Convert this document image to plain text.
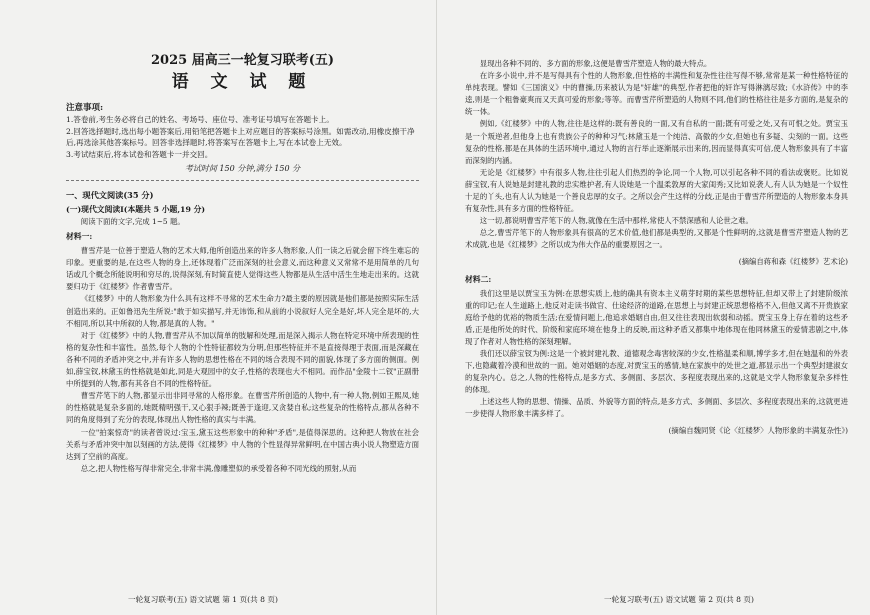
2025 届高三一轮复习联考(五)

语 文 试 题

注意事项:

1.答卷前,考生务必将自己的姓名、考场号、座位号、准考证号填写在答题卡上。

2.回答选择题时,选出每小题答案后,用铅笔把答题卡上对应题目的答案标号涂黑。如需改动,用橡皮擦干净后,再选涂其他答案标号。回答非选择题时,将答案写在答题卡上,写在本试卷上无效。

3.考试结束后,将本试卷和答题卡一并交回。

考试时间 150 分钟,满分 150 分

一、现代文阅读(35 分)

(一)现代文阅读Ⅰ(本题共 5 小题,19 分)

阅读下面的文字,完成 1~5 题。

材料一:

曹雪芹是一位善于塑造人物的艺术大师,他所创造出来的许多人物形象,人们一读之后就会留下终生难忘的印象。更重要的是,在这些人物的身上,还体现着广泛而深刻的社会意义,而这种意义又常常不是用简单的几句话或几个概念所能说明和穷尽的,说得深刻,有时简直使人觉得这些人物都是从生活中活生生地走出来的。这就要归功于《红楼梦》作者曹雪芹。

《红楼梦》中的人物形象为什么具有这样不寻常的艺术生命力?最主要的原因就是他们都是按照实际生活创造出来的。正如鲁迅先生所说:"敢于如实描写,并无讳饰,和从前的小说叙好人完全是好,坏人完全是坏的,大不相同,所以其中所叙的人物,都是真的人物。"

对于《红楼梦》中的人物,曹雪芹从不加以简单的肢解和处理,而是深入揭示人物在特定环境中所表现的性格的复杂性和丰富性。虽然,每个人物的个性特征都较为分明,但那些特征并不是直接得理于表面,而是深藏在各种不同的矛盾冲突之中,并有许多人物的思想性格在不同的场合表现不同的面貌,体现了多方面的侧面。例如,薛宝钗,林黛玉的性格就是如此,同是大观园中的女子,性格的表现也大不相同。而作品"金陵十二钗"正副册中所提到的人物,都有其各自不同的性格特征。

曹雪芹笔下的人物,都显示出非同寻常的人格形象。在曹雪芹所创造的人物中,有一种人物,例如王熙凤,她的性格就是复杂多面的,她既精明强干,又心狠手辣;既善于逢迎,又贪婪自私;这些复杂的性格特点,都从各种不同的角度得到了充分的表现,体现出人物性格的真实与丰满。

一位"拍案惊奇"的读者曾说过:宝玉,黛玉这些形象中的种种"矛盾",是值得深思的。这种把人物放在社会关系与矛盾冲突中加以刻画的方法,使得《红楼梦》中人物的个性显得异常鲜明,在中国古典小说人物塑造方面达到了空前的高度。

总之,把人物性格写得非常完全,非常丰满,像雕塑似的承受着各种不同光线的照射,从而

一轮复习联考(五) 语文试题 第 1 页(共 8 页)

显现出各种不同的、多方面的形象,这便是曹雪芹塑造人物的最大特点。

在许多小说中,并不是写得具有个性的人物形象,但性格的丰满性和复杂性往往写得不够,常常是某一种性格特征的单纯表现。譬如《三国演义》中的曹操,历来被认为是"奸雄"的典型,作者把他的奸诈写得淋漓尽致;《水浒传》中的李逵,则是一个粗鲁豪爽而又天真可爱的形象;等等。而曹雪芹所塑造的人物则不同,他们的性格往往是多方面的,是复杂的统一体。

例如,《红楼梦》中的人物,往往是这样的:既有善良的一面,又有自私的一面;既有可爱之处,又有可恨之处。贾宝玉是一个叛逆者,但他身上也有贵族公子的种种习气;林黛玉是一个纯洁、高傲的少女,但她也有多疑、尖刻的一面。这些复杂的性格,都是在具体的生活环境中,通过人物的言行举止逐渐展示出来的,因而显得真实可信,使人物形象具有了丰富而深刻的内涵。

无论是《红楼梦》中有很多人物,往往引起人们热烈的争论,同一个人物,可以引起各种不同的看法或褒贬。比如说薛宝钗,有人说她是封建礼教的忠实维护者,有人说她是一个温柔敦厚的大家闺秀;又比如说袭人,有人认为她是一个奴性十足的丫头,也有人认为她是一个善良忠厚的女子。之所以会产生这样的分歧,正是由于曹雪芹所塑造的人物形象本身具有复杂性,具有多方面的性格特征。

这一切,都说明曹雪芹笔下的人物,就像在生活中那样,常使人不禁深感和人论世之难。

总之,曹雪芹笔下的人物形象具有很高的艺术价值,他们都是典型的,又都是个性鲜明的,这就是曹雪芹塑造人物的艺术成就,也是《红楼梦》之所以成为伟大作品的重要原因之一。

(摘编自蒋和森《红楼梦》艺术论)

材料二:

我们这里是以贾宝玉为例:在思想实质上,他的确具有资本主义萌芽时期的某些思想特征,但却又带上了封建阶级浓重的印记;在人生道路上,他反对走读书做官、仕途经济的道路,在思想上与封建正统思想格格不入,但他又离不开贵族家庭给予他的优裕的物质生活;在爱情问题上,他追求婚姻自由,但又往往表现出软弱和动摇。贾宝玉身上存在着的这些矛盾,正是他所处的时代、阶级和家庭环境在他身上的反映,而这种矛盾又都集中地体现在他同林黛玉的爱情悲剧之中,体现了作者对人物性格的深刻理解。

我们还以薛宝钗为例:这是一个被封建礼教、道德观念毒害较深的少女,性格温柔和顺,博学多才,但在她温和的外表下,也隐藏着冷漠和世故的一面。她对婚姻的态度,对贾宝玉的感情,她在家族中的处世之道,都显示出一个典型封建淑女的复杂内心。总之,人物的性格特点,是多方式、多侧面、多层次、多程度表现出来的,这就是文学人物形象复杂多样性的体现。

上述这些人物的思想、情操、品质、外貌等方面的特点,是多方式、多侧面、多层次、多程度表现出来的,这就更进一步使得人物形象丰满多样了。

(摘编自魏同贤《论〈红楼梦〉人物形象的丰满复杂性》)

一轮复习联考(五) 语文试题 第 2 页(共 8 页)
